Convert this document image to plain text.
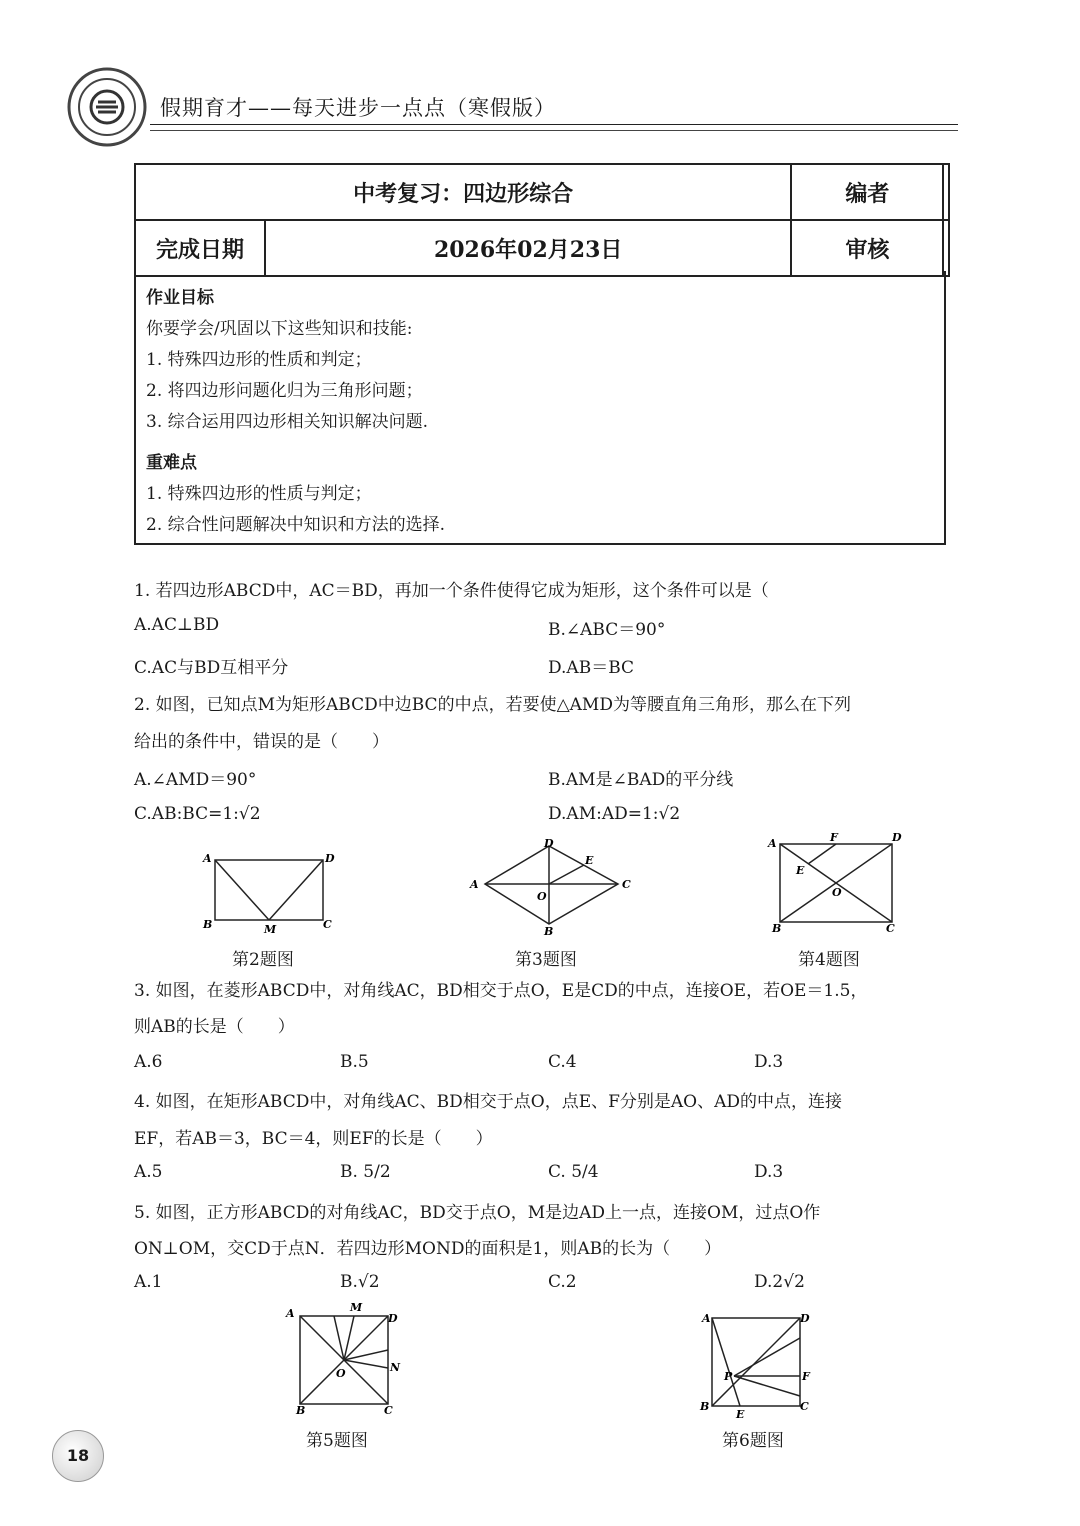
假期育才——每天进步一点点（寒假版）
中考复习：四边形综合		编者	
完成日期	2026年02月23日	审核	
作业目标
你要学会/巩固以下这些知识和技能:
1. 特殊四边形的性质和判定；
2. 将四边形问题化归为三角形问题；
3. 综合运用四边形相关知识解决问题.
重难点
1. 特殊四边形的性质与判定；
2. 综合性问题解决中知识和方法的选择.
1. 若四边形ABCD中，AC＝BD，再加一个条件使得它成为矩形，这个条件可以是（
A.AC⊥BD	B.∠ABC＝90°
C.AC与BD互相平分	D.AB＝BC
2. 如图，已知点M为矩形ABCD中边BC的中点，若要使△AMD为等腰直角三角形，那么在下列
给出的条件中，错误的是（　　）
A.∠AMD＝90°	B.AM是∠BAD的平分线
C.AB:BC=1:√2	D.AM:AD=1:√2
A	D
B	M	C
第2题图
D
E
A
O
C
B
第3题图
A	F	D
E
O
B	C
第4题图
3. 如图，在菱形ABCD中，对角线AC，BD相交于点O，E是CD的中点，连接OE，若OE＝1.5，
则AB的长是（　　）
A.6	B.5	C.4	D.3
4. 如图，在矩形ABCD中，对角线AC、BD相交于点O，点E、F分别是AO、AD的中点，连接
EF，若AB＝3，BC＝4，则EF的长是（　　）
A.5	B. 5/2	C. 5/4	D.3
5. 如图，正方形ABCD的对角线AC，BD交于点O，M是边AD上一点，连接OM，过点O作
ON⊥OM，交CD于点N．若四边形MOND的面积是1，则AB的长为（　　）
A.1	B.√2	C.2	D.2√2
A	M
D
N
O
B	C
第5题图
A	D
P	F
B
E
C
第6题图
18
